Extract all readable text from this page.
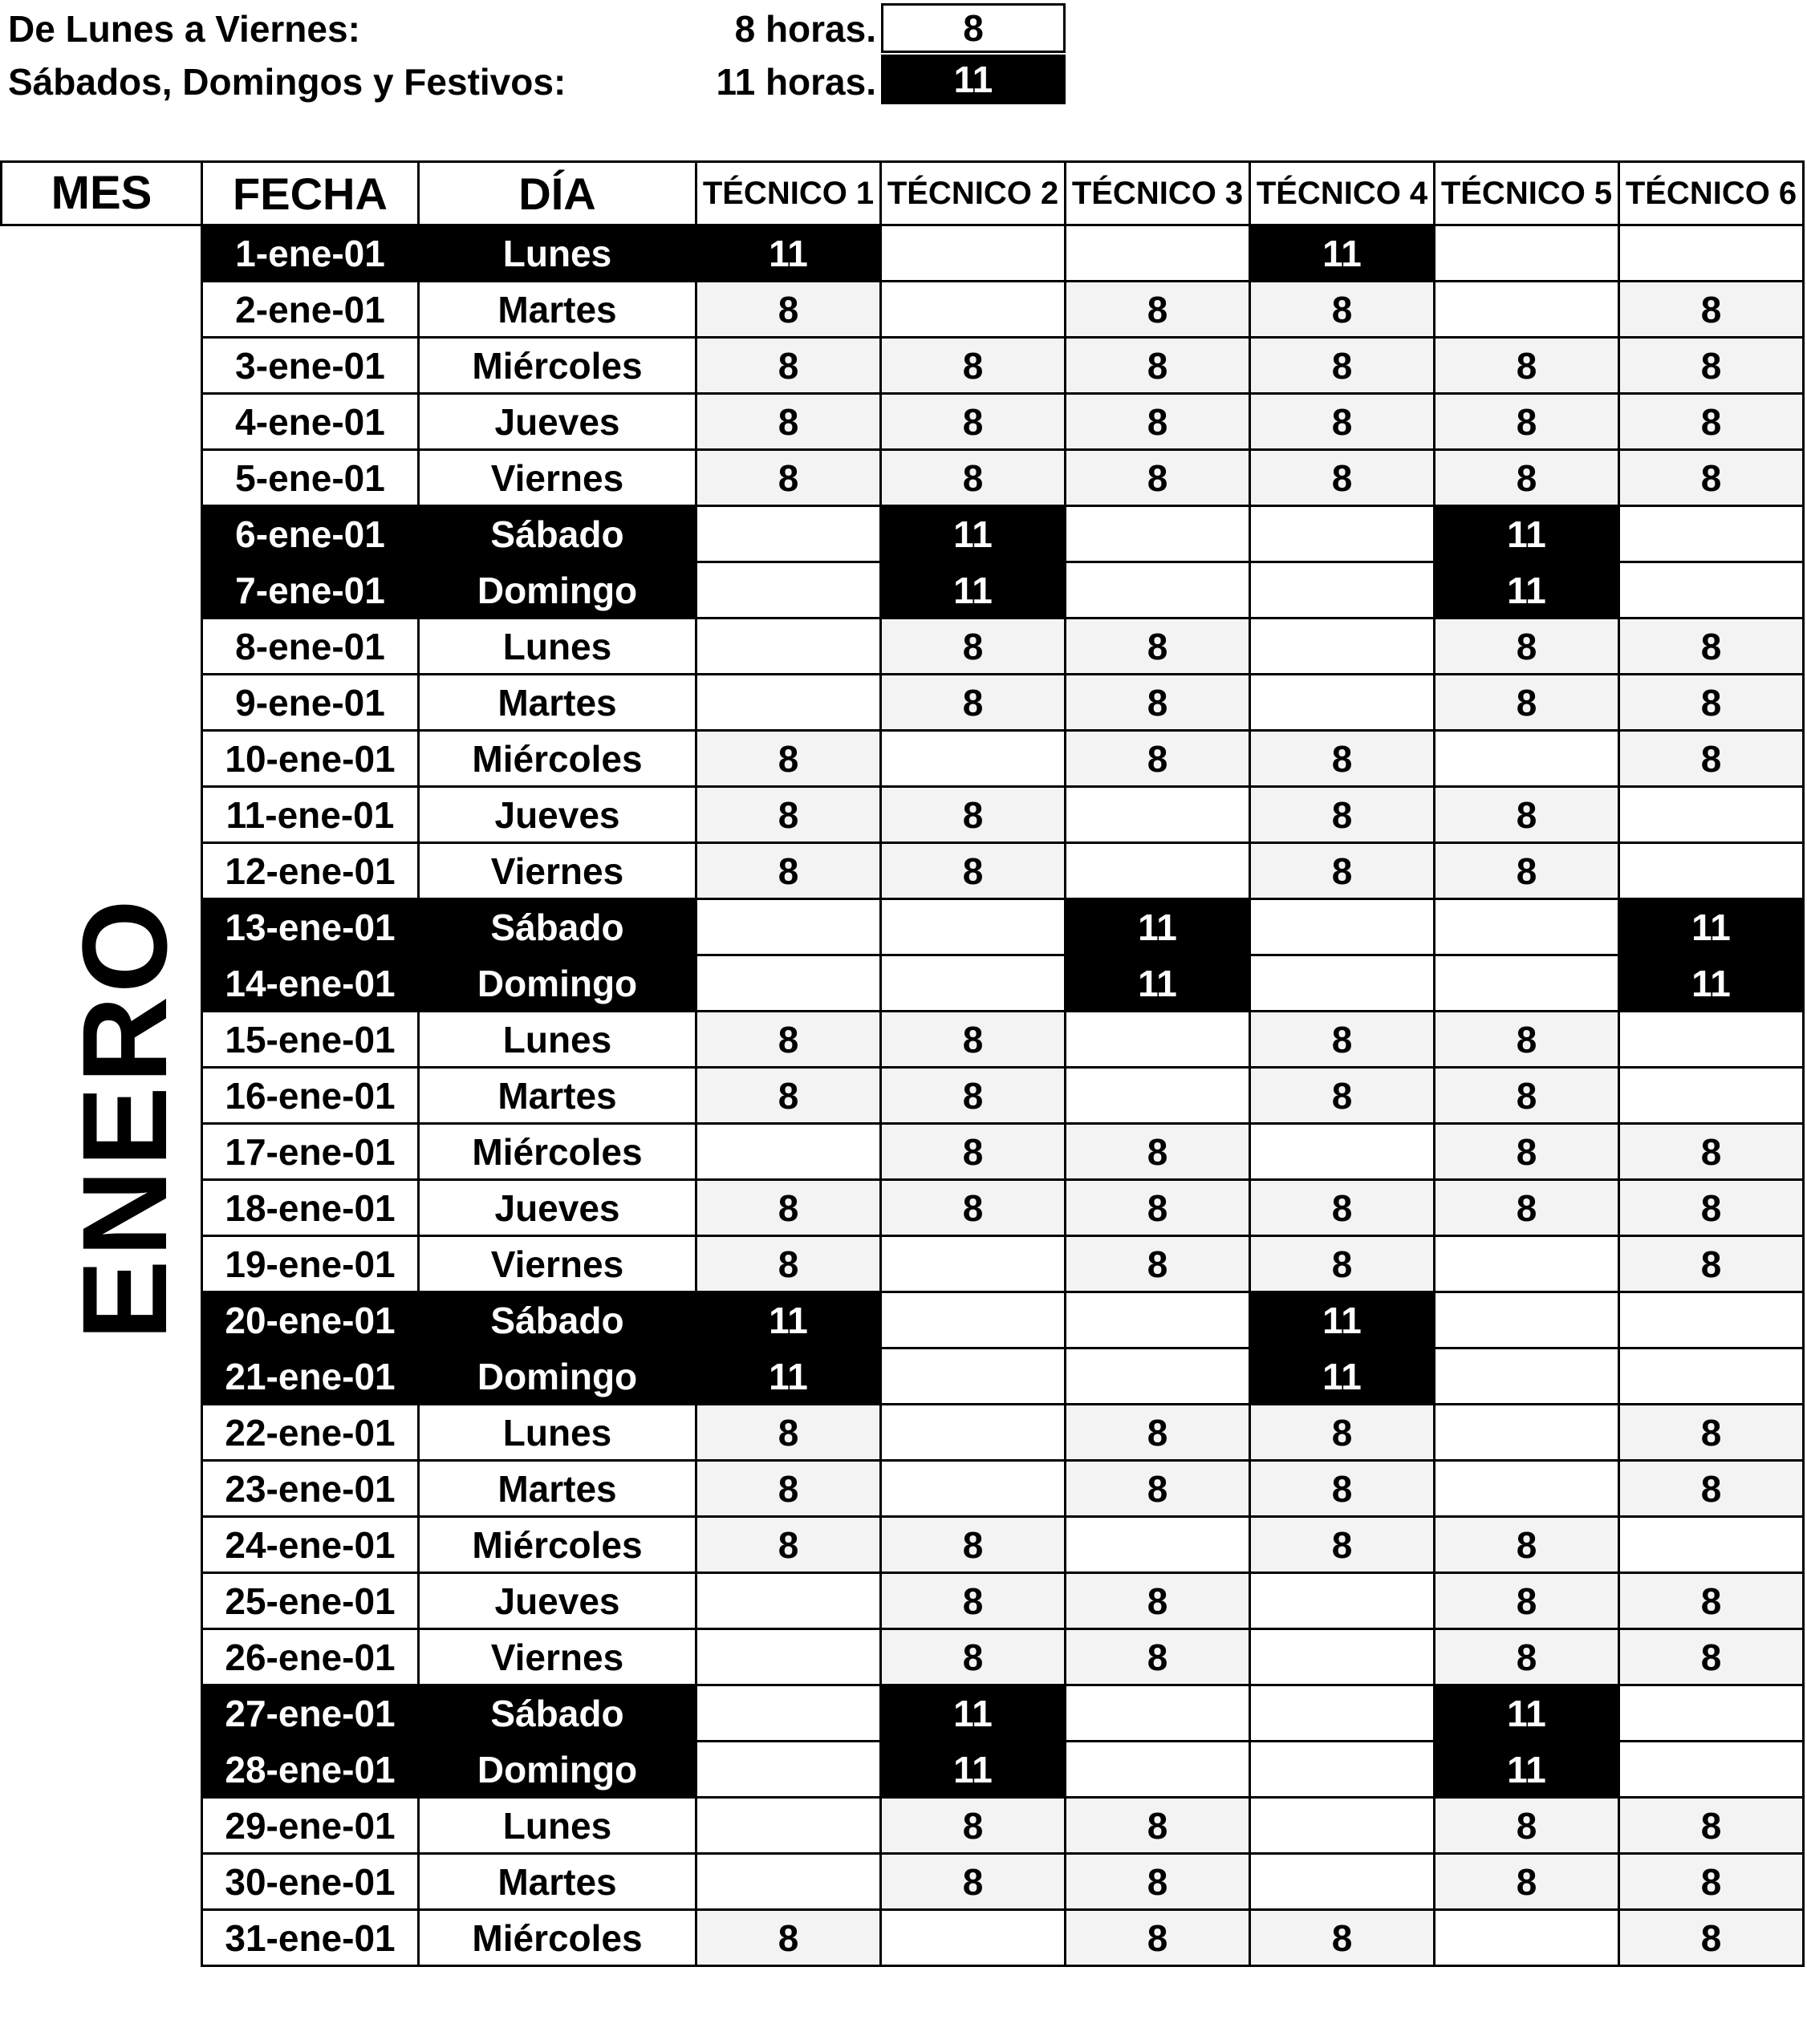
De Lunes a Viernes:	8 horas.	8
Sábados, Domingos y Festivos:	11 horas.	11
MES
ENERO
FECHA	DÍA	TÉCNICO 1	TÉCNICO 2	TÉCNICO 3	TÉCNICO 4	TÉCNICO 5	TÉCNICO 6
1-ene-01	Lunes	11			11		
2-ene-01	Martes	8		8	8		8
3-ene-01	Miércoles	8	8	8	8	8	8
4-ene-01	Jueves	8	8	8	8	8	8
5-ene-01	Viernes	8	8	8	8	8	8
6-ene-01	Sábado		11			11	
7-ene-01	Domingo		11			11	
8-ene-01	Lunes		8	8		8	8
9-ene-01	Martes		8	8		8	8
10-ene-01	Miércoles	8		8	8		8
11-ene-01	Jueves	8	8		8	8	
12-ene-01	Viernes	8	8		8	8	
13-ene-01	Sábado			11			11
14-ene-01	Domingo			11			11
15-ene-01	Lunes	8	8		8	8	
16-ene-01	Martes	8	8		8	8	
17-ene-01	Miércoles		8	8		8	8
18-ene-01	Jueves	8	8	8	8	8	8
19-ene-01	Viernes	8		8	8		8
20-ene-01	Sábado	11			11		
21-ene-01	Domingo	11			11		
22-ene-01	Lunes	8		8	8		8
23-ene-01	Martes	8		8	8		8
24-ene-01	Miércoles	8	8		8	8	
25-ene-01	Jueves		8	8		8	8
26-ene-01	Viernes		8	8		8	8
27-ene-01	Sábado		11			11	
28-ene-01	Domingo		11			11	
29-ene-01	Lunes		8	8		8	8
30-ene-01	Martes		8	8		8	8
31-ene-01	Miércoles	8		8	8		8
